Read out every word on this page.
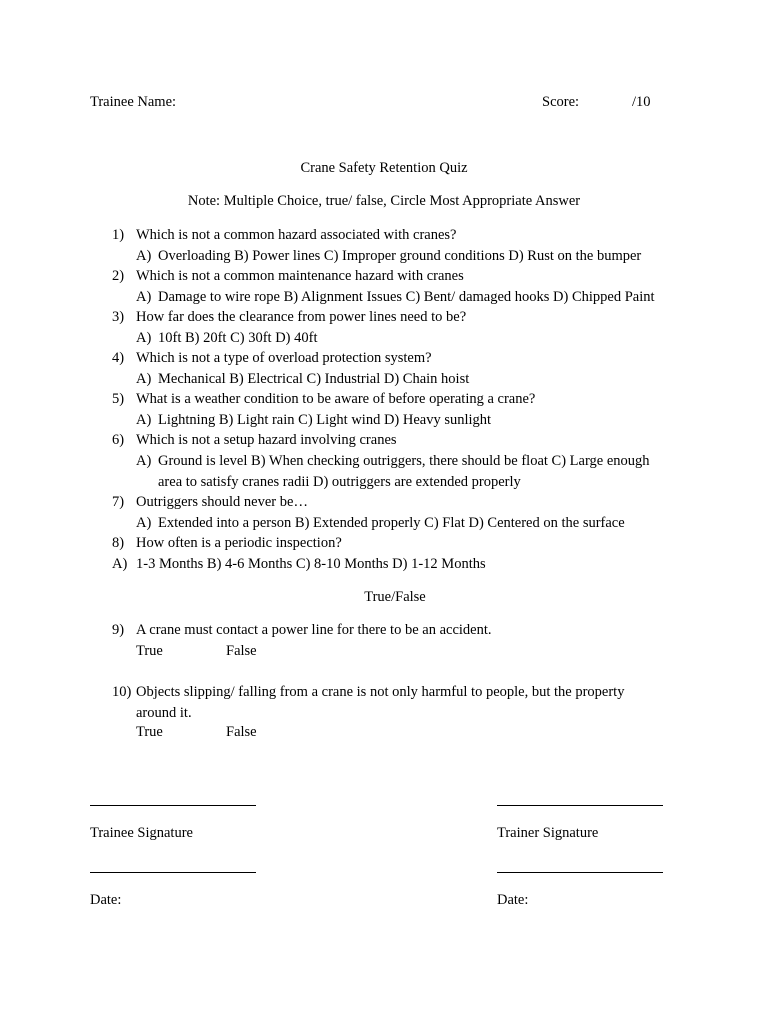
Trainee Name:	Score:	/10
Crane Safety Retention Quiz
Note: Multiple Choice, true/ false, Circle Most Appropriate Answer
1) Which is not a common hazard associated with cranes?
A) Overloading B) Power lines C) Improper ground conditions D) Rust on the bumper
2) Which is not a common maintenance hazard with cranes
A) Damage to wire rope B) Alignment Issues C) Bent/ damaged hooks D) Chipped Paint
3) How far does the clearance from power lines need to be?
A) 10ft B) 20ft C) 30ft D) 40ft
4) Which is not a type of overload protection system?
A) Mechanical B) Electrical C) Industrial D) Chain hoist
5) What is a weather condition to be aware of before operating a crane?
A) Lightning B) Light rain C) Light wind D) Heavy sunlight
6) Which is not a setup hazard involving cranes
A) Ground is level B) When checking outriggers, there should be float C) Large enough
area to satisfy cranes radii D) outriggers are extended properly
7) Outriggers should never be…
A) Extended into a person B) Extended properly C) Flat D) Centered on the surface
8) How often is a periodic inspection?
A) 1-3 Months B) 4-6 Months C) 8-10 Months D) 1-12 Months
True/False
9) A crane must contact a power line for there to be an accident.
True	False
10) Objects slipping/ falling from a crane is not only harmful to people, but the property
around it.
True	False
Trainee Signature	Trainer Signature
Date:	Date:
